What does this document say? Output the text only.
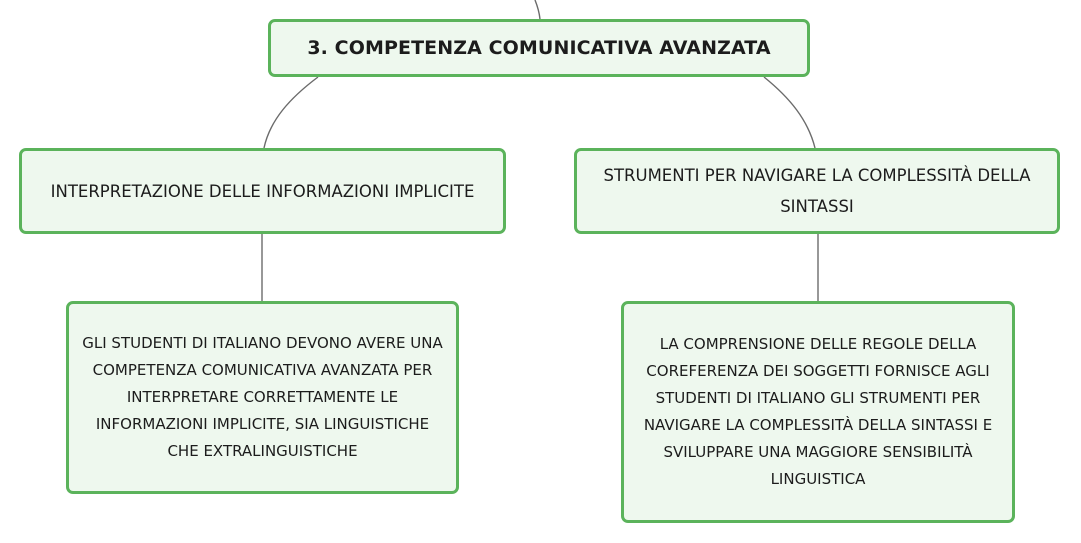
3. COMPETENZA COMUNICATIVA AVANZATA
INTERPRETAZIONE DELLE INFORMAZIONI IMPLICITE
STRUMENTI PER NAVIGARE LA COMPLESSITÀ DELLA SINTASSI
GLI STUDENTI DI ITALIANO DEVONO AVERE UNA COMPETENZA COMUNICATIVA AVANZATA PER INTERPRETARE CORRETTAMENTE LE INFORMAZIONI IMPLICITE, SIA LINGUISTICHE CHE EXTRALINGUISTICHE
LA COMPRENSIONE DELLE REGOLE DELLA COREFERENZA DEI SOGGETTI FORNISCE AGLI STUDENTI DI ITALIANO GLI STRUMENTI PER NAVIGARE LA COMPLESSITÀ DELLA SINTASSI E SVILUPPARE UNA MAGGIORE SENSIBILITÀ LINGUISTICA
